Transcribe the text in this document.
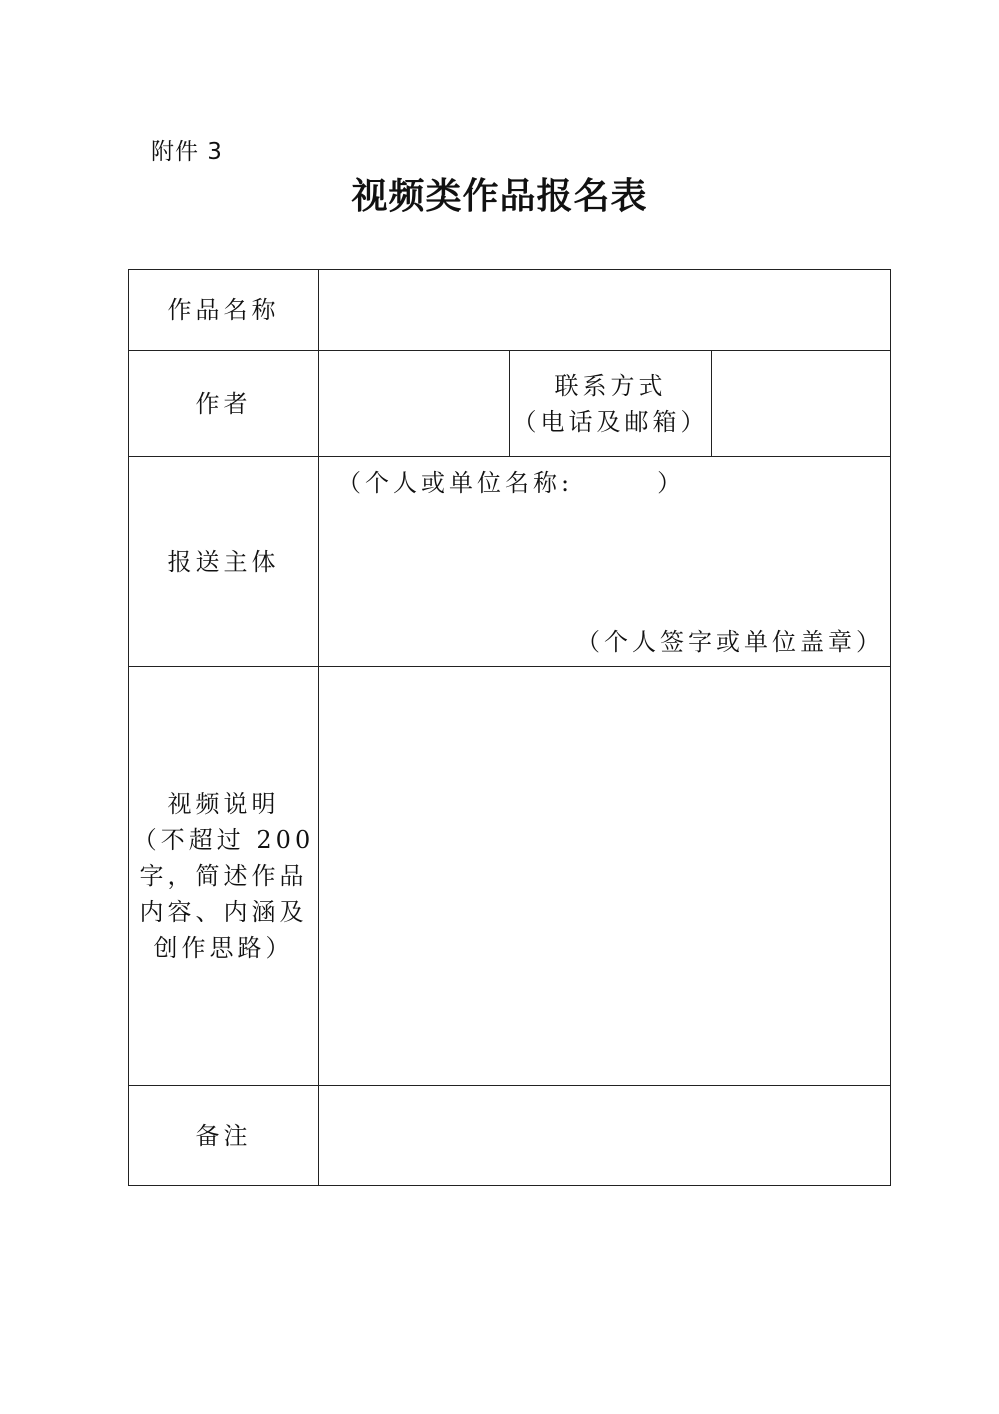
附件 3
视频类作品报名表
作品名称			
作者		联系方式
（电话及邮箱）	

报送主体	（个人或单位名称:　　　）
（个人签字或单位盖章）		

视频说明
（不超过 200
字，简述作品
内容、内涵及
创作思路）			

备注			
